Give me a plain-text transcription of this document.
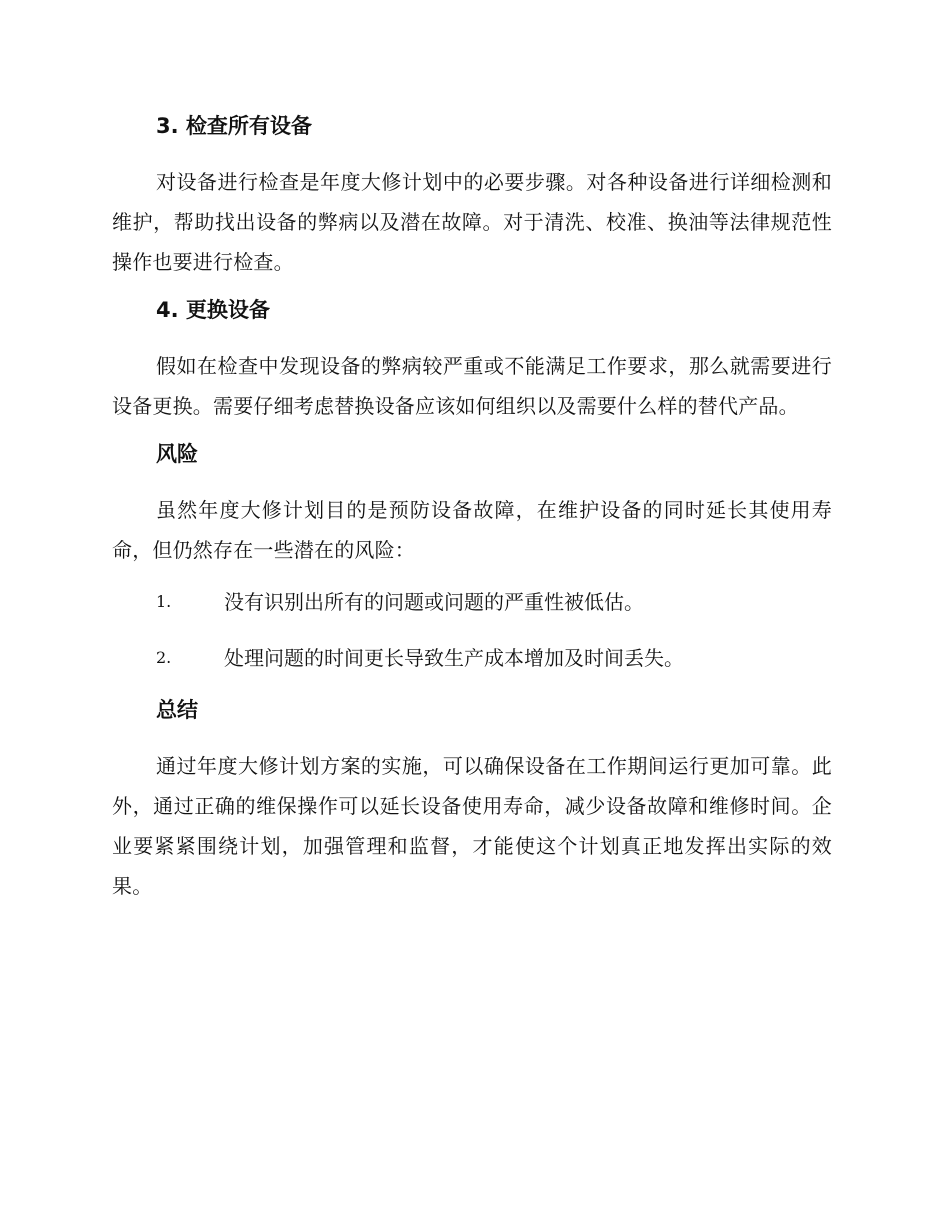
3. 检查所有设备

对设备进行检查是年度大修计划中的必要步骤。对各种设备进行详细检测和维护，帮助找出设备的弊病以及潜在故障。对于清洗、校准、换油等法律规范性操作也要进行检查。

4. 更换设备

假如在检查中发现设备的弊病较严重或不能满足工作要求，那么就需要进行设备更换。需要仔细考虑替换设备应该如何组织以及需要什么样的替代产品。

风险

虽然年度大修计划目的是预防设备故障，在维护设备的同时延长其使用寿命，但仍然存在一些潜在的风险：

1.	没有识别出所有的问题或问题的严重性被低估。
2.	处理问题的时间更长导致生产成本增加及时间丢失。
总结

通过年度大修计划方案的实施，可以确保设备在工作期间运行更加可靠。此外，通过正确的维保操作可以延长设备使用寿命，减少设备故障和维修时间。企业要紧紧围绕计划，加强管理和监督，才能使这个计划真正地发挥出实际的效果。
